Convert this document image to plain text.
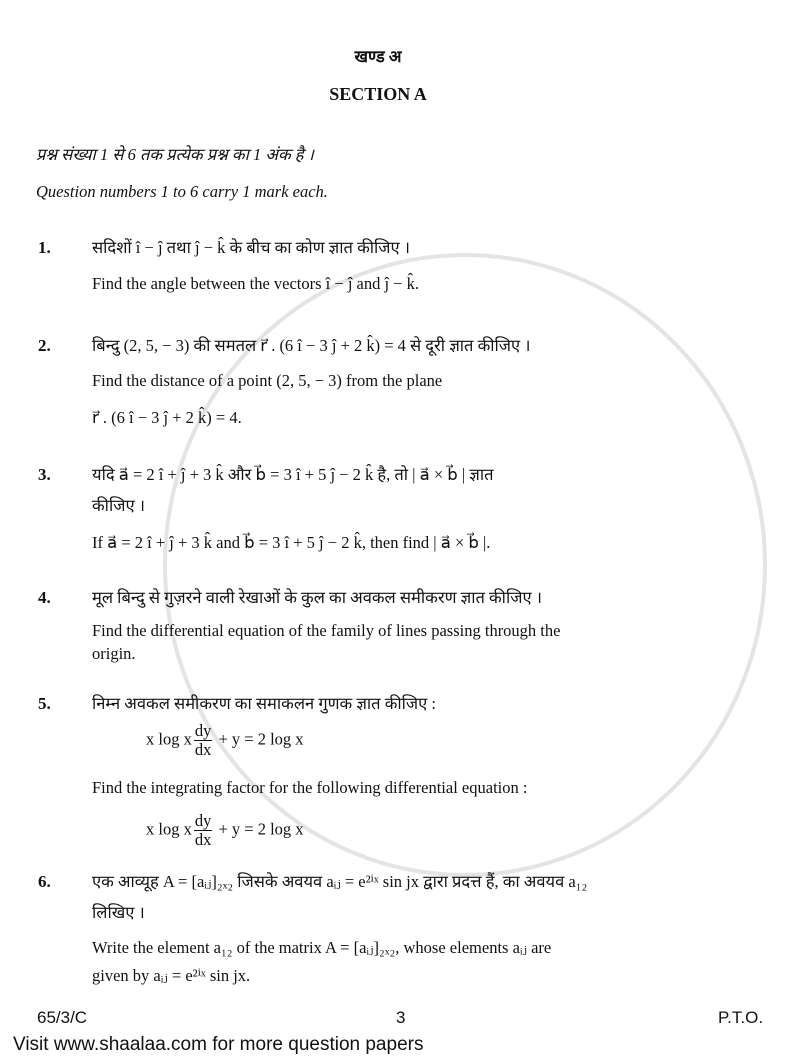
खण्ड अ
SECTION A
प्रश्न संख्या 1 से 6 तक प्रत्येक प्रश्न का 1 अंक है ।
Question numbers 1 to 6 carry 1 mark each.
1.	सदिशों î − ĵ तथा ĵ − k̂ के बीच का कोण ज्ञात कीजिए ।
Find the angle between the vectors î − ĵ and ĵ − k̂.
2.	बिन्दु (2, 5, − 3) की समतल r⃗ . (6 î − 3 ĵ + 2 k̂) = 4 से दूरी ज्ञात कीजिए ।
Find the distance of a point (2, 5, − 3) from the plane
r⃗ . (6 î − 3 ĵ + 2 k̂) = 4.
3.	यदि a⃗ = 2 î + ĵ + 3 k̂ और b⃗ = 3 î + 5 ĵ − 2 k̂ है, तो | a⃗ × b⃗ | ज्ञात
कीजिए ।
If a⃗ = 2 î + ĵ + 3 k̂ and b⃗ = 3 î + 5 ĵ − 2 k̂, then find | a⃗ × b⃗ |.
4.	मूल बिन्दु से गुज़रने वाली रेखाओं के कुल का अवकल समीकरण ज्ञात कीजिए ।
Find the differential equation of the family of lines passing through the
origin.
5.	निम्न अवकल समीकरण का समाकलन गुणक ज्ञात कीजिए :
x log x $\frac{dy}{dx} + y = 2$ log x
Find the integrating factor for the following differential equation :
x log x $\frac{dy}{dx} + y = 2$ log x
6.	एक आव्यूह A = [aᵢⱼ]₂ₓ₂ जिसके अवयव aᵢⱼ = e²ⁱˣ sin jx द्वारा प्रदत्त हैं, का अवयव a₁₂
लिखिए ।
Write the element a₁₂ of the matrix A = [aᵢⱼ]₂ₓ₂, whose elements aᵢⱼ are
given by aᵢⱼ = e²ⁱˣ sin jx.
65/3/C	3	P.T.O.
Visit www.shaalaa.com for more question papers
